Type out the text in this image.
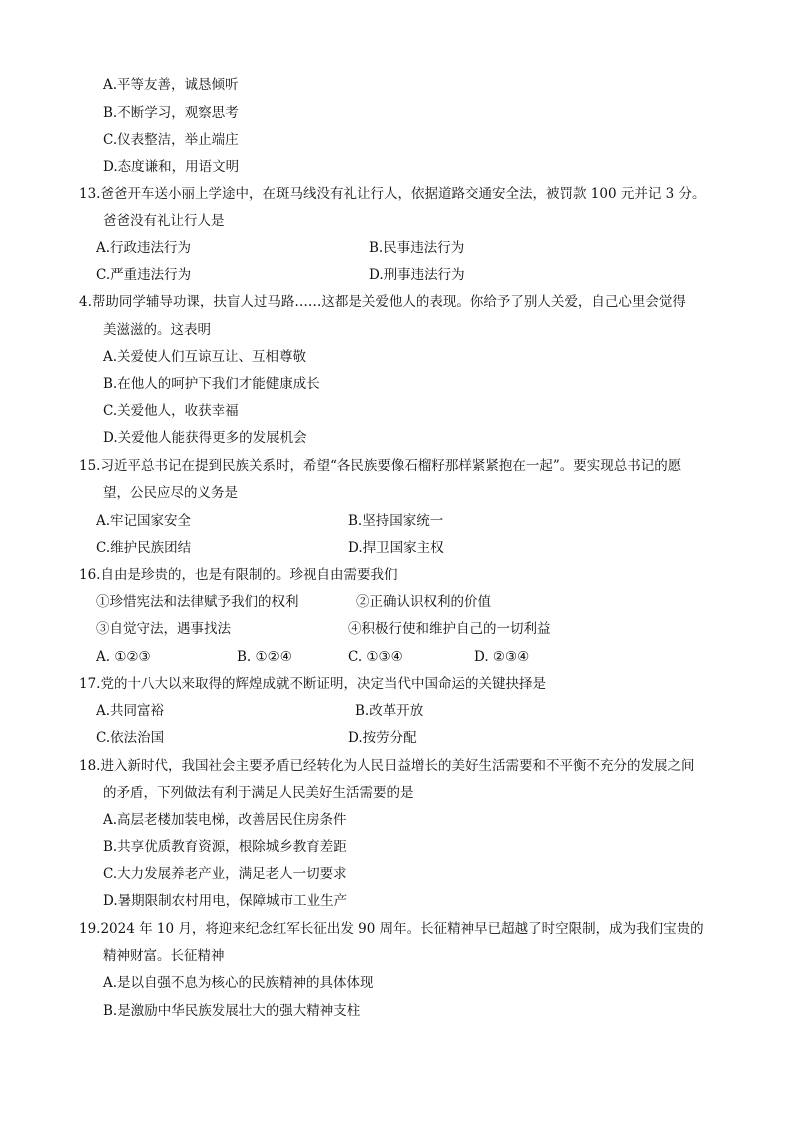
A.平等友善，诚恳倾听
B.不断学习，观察思考
C.仪表整洁，举止端庄
D.态度谦和，用语文明
13.爸爸开车送小丽上学途中，在斑马线没有礼让行人，依据道路交通安全法，被罚款 100 元并记 3 分。
爸爸没有礼让行人是
A.行政违法行为	B.民事违法行为
C.严重违法行为	D.刑事违法行为
4.帮助同学辅导功课，扶盲人过马路……这都是关爱他人的表现。你给予了别人关爱，自己心里会觉得
美滋滋的。这表明
A.关爱使人们互谅互让、互相尊敬
B.在他人的呵护下我们才能健康成长
C.关爱他人，收获幸福
D.关爱他人能获得更多的发展机会
15.习近平总书记在提到民族关系时，希望“各民族要像石榴籽那样紧紧抱在一起”。要实现总书记的愿
望，公民应尽的义务是
A.牢记国家安全	B.坚持国家统一
C.维护民族团结	D.捍卫国家主权
16.自由是珍贵的，也是有限制的。珍视自由需要我们
①珍惜宪法和法律赋予我们的权利	②正确认识权利的价值
③自觉守法，遇事找法	④积极行使和维护自己的一切利益
A. ①②③	B. ①②④	C. ①③④	D. ②③④
17.党的十八大以来取得的辉煌成就不断证明，决定当代中国命运的关键抉择是
A.共同富裕	B.改革开放
C.依法治国	D.按劳分配
18.进入新时代，我国社会主要矛盾已经转化为人民日益增长的美好生活需要和不平衡不充分的发展之间
的矛盾，下列做法有利于满足人民美好生活需要的是
A.高层老楼加装电梯，改善居民住房条件
B.共享优质教育资源，根除城乡教育差距
C.大力发展养老产业，满足老人一切要求
D.暑期限制农村用电，保障城市工业生产
19.2024 年 10 月，将迎来纪念红军长征出发 90 周年。长征精神早已超越了时空限制，成为我们宝贵的
精神财富。长征精神
A.是以自强不息为核心的民族精神的具体体现
B.是激励中华民族发展壮大的强大精神支柱
